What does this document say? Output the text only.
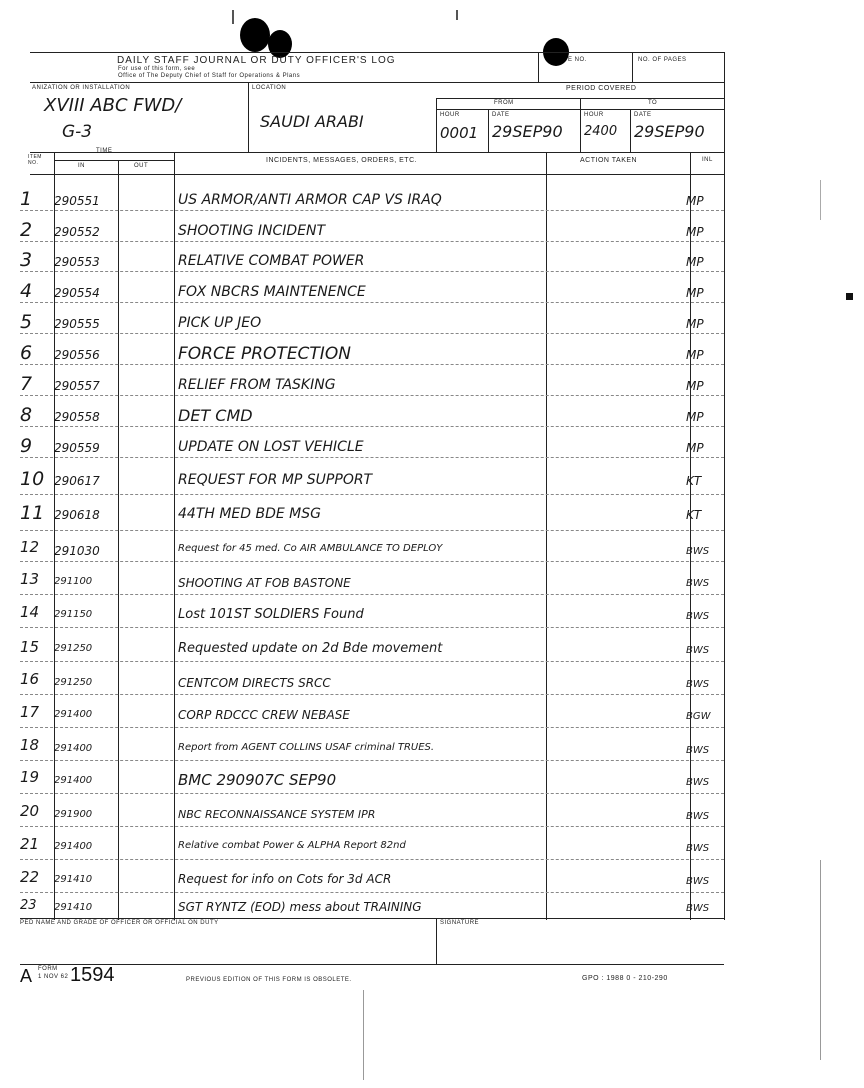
DAILY STAFF JOURNAL OR DUTY OFFICER'S LOG
For use of this form, see
Office of The Deputy Chief of Staff for Operations & Plans
E NO.	NO. OF PAGES
ANIZATION OR INSTALLATION	LOCATION	PERIOD COVERED
XVIII ABC FWD/
G-3
SAUDI ARABI
FROM	TO
HOUR	DATE	HOUR	DATE
0001 29SEP90 2400 29SEP90
ITEM NO.
TIME
IN	OUT
INCIDENTS, MESSAGES, ORDERS, ETC.	ACTION TAKEN	INL
1	290551	US ARMOR/ANTI ARMOR CAP VS IRAQ	MP
2	290552	SHOOTING INCIDENT	MP
3	290553	RELATIVE COMBAT POWER	MP
4	290554	FOX NBCRS MAINTENENCE	MP
5	290555	PICK UP JEO	MP
6	290556	FORCE PROTECTION	MP
7	290557	RELIEF FROM TASKING	MP
8	290558	DET CMD	MP
9	290559	UPDATE ON LOST VEHICLE	MP
10 290617	REQUEST FOR MP SUPPORT	KT
11 290618	44TH MED BDE MSG	KT
12	291030	Request for 45 med. Co AIR AMBULANCE TO DEPLOY	BWS
13	291100	SHOOTING AT FOB BASTONE	BWS
14	291150	Lost 101ST SOLDIERS Found	BWS
15	291250	Requested update on 2d Bde movement	BWS
16	291250	CENTCOM DIRECTS SRCC	BWS
17	291400	CORP RDCCC CREW NEBASE	BGW
18	291400	Report from AGENT COLLINS USAF criminal TRUES.	BWS
19	291400	BMC 290907C SEP90	BWS
20	291900	NBC RECONNAISSANCE SYSTEM IPR	BWS
21	291400	Relative combat Power & ALPHA Report 82nd	BWS
22	291410	Request for info on Cots for 3d ACR	BWS
23	291410	SGT RYNTZ (EOD) mess about TRAINING	BWS
PED NAME AND GRADE OF OFFICER OR OFFICIAL ON DUTY	SIGNATURE
A FORM
1 NOV 62 1594	PREVIOUS EDITION OF THIS FORM IS OBSOLETE.	GPO : 1988 0 - 210-290
